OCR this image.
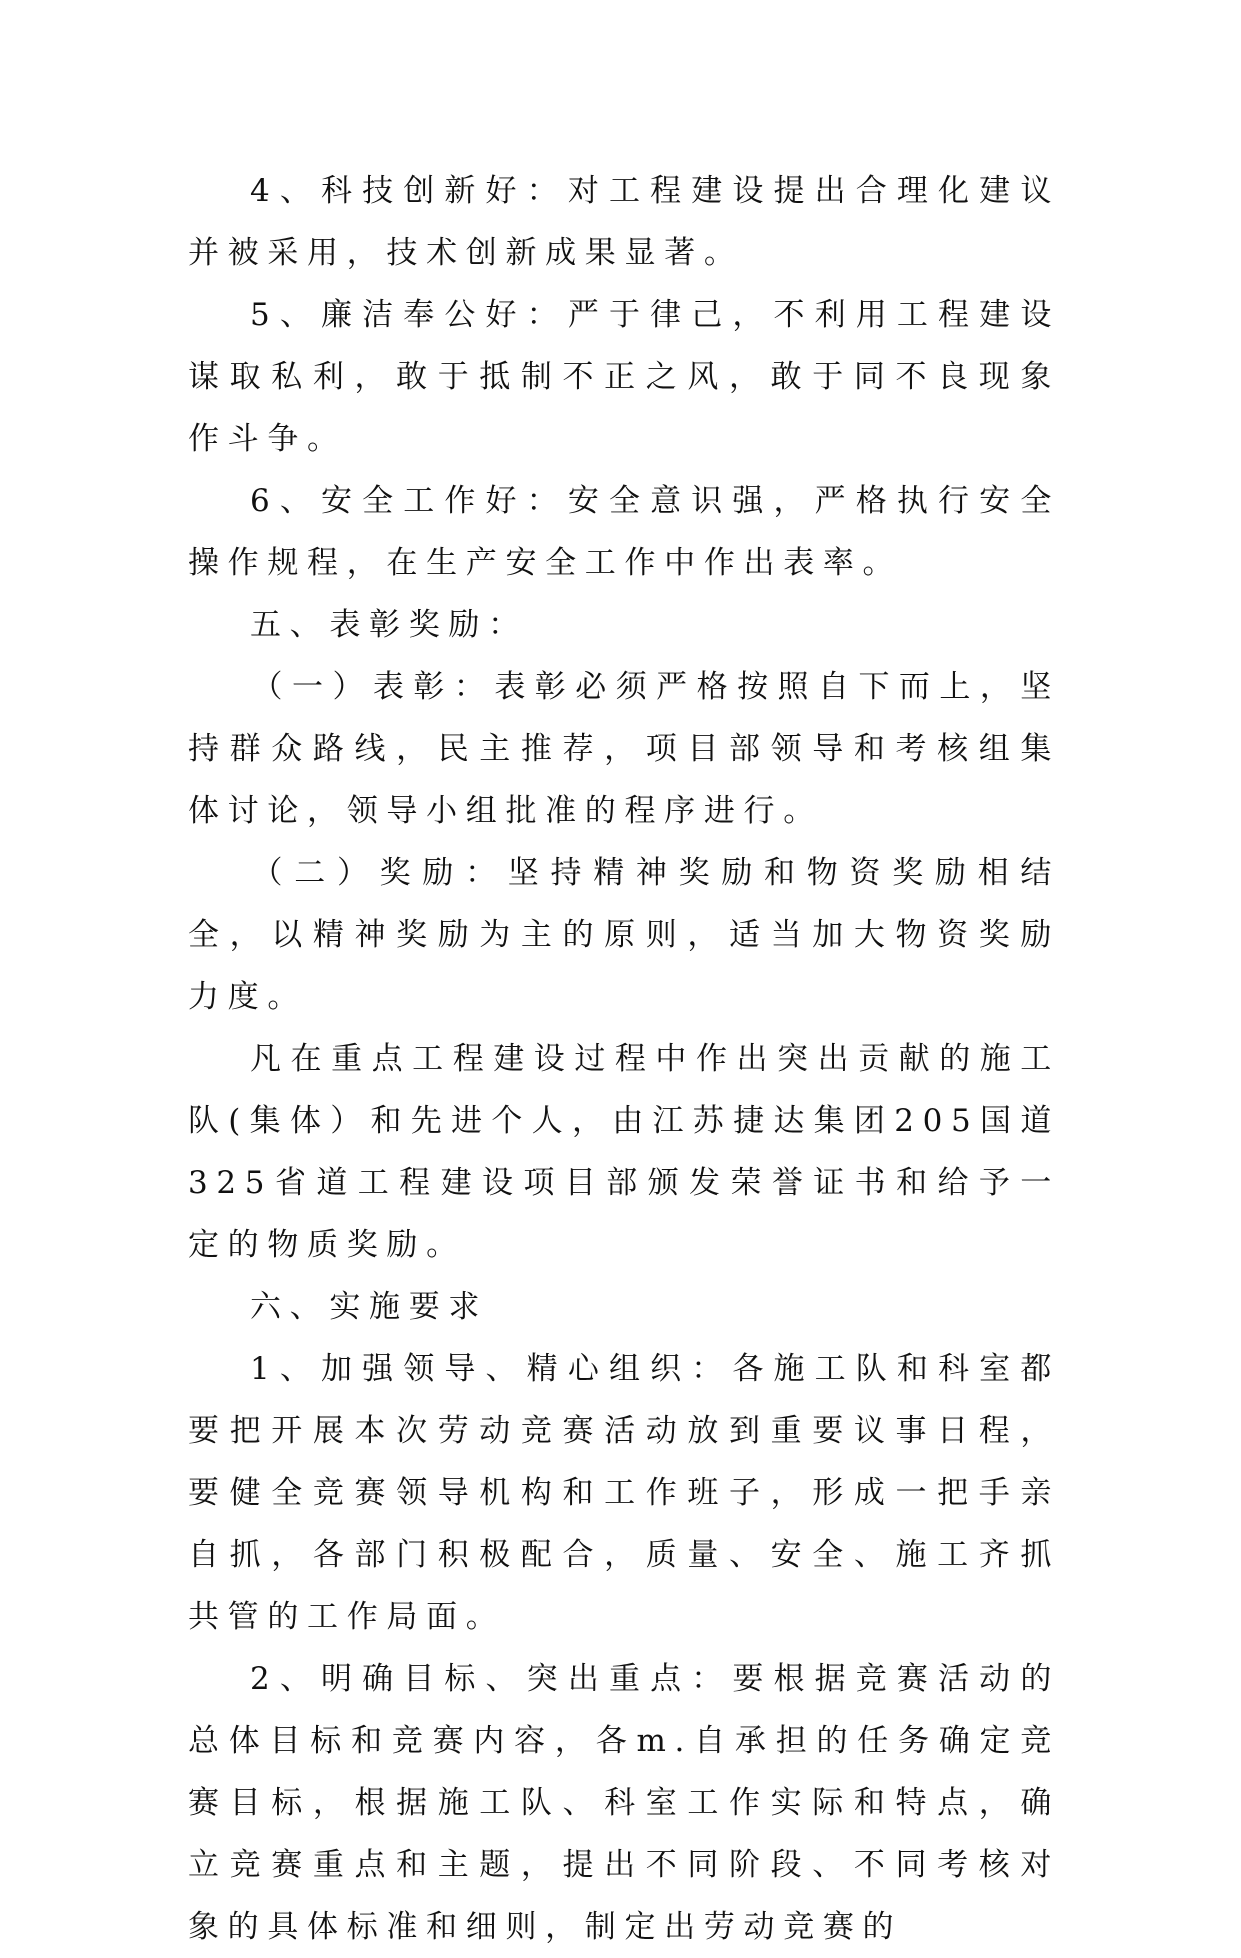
4、科技创新好：对工程建设提出合理化建议并被采用，技术创新成果显著。

5、廉洁奉公好：严于律己，不利用工程建设谋取私利，敢于抵制不正之风，敢于同不良现象作斗争。

6、安全工作好：安全意识强，严格执行安全操作规程，在生产安全工作中作出表率。

五、表彰奖励：

（一）表彰：表彰必须严格按照自下而上，坚持群众路线，民主推荐，项目部领导和考核组集体讨论，领导小组批准的程序进行。

（二）奖励：坚持精神奖励和物资奖励相结全，以精神奖励为主的原则，适当加大物资奖励力度。

凡在重点工程建设过程中作出突出贡献的施工队(集体）和先进个人，由江苏捷达集团205国道325省道工程建设项目部颁发荣誉证书和给予一定的物质奖励。

六、实施要求

1、加强领导、精心组织：各施工队和科室都要把开展本次劳动竞赛活动放到重要议事日程，要健全竞赛领导机构和工作班子，形成一把手亲自抓，各部门积极配合，质量、安全、施工齐抓共管的工作局面。

2、明确目标、突出重点：要根据竞赛活动的总体目标和竞赛内容，各m.自承担的任务确定竞赛目标，根据施工队、科室工作实际和特点，确立竞赛重点和主题，提出不同阶段、不同考核对象的具体标准和细则，制定出劳动竞赛的
